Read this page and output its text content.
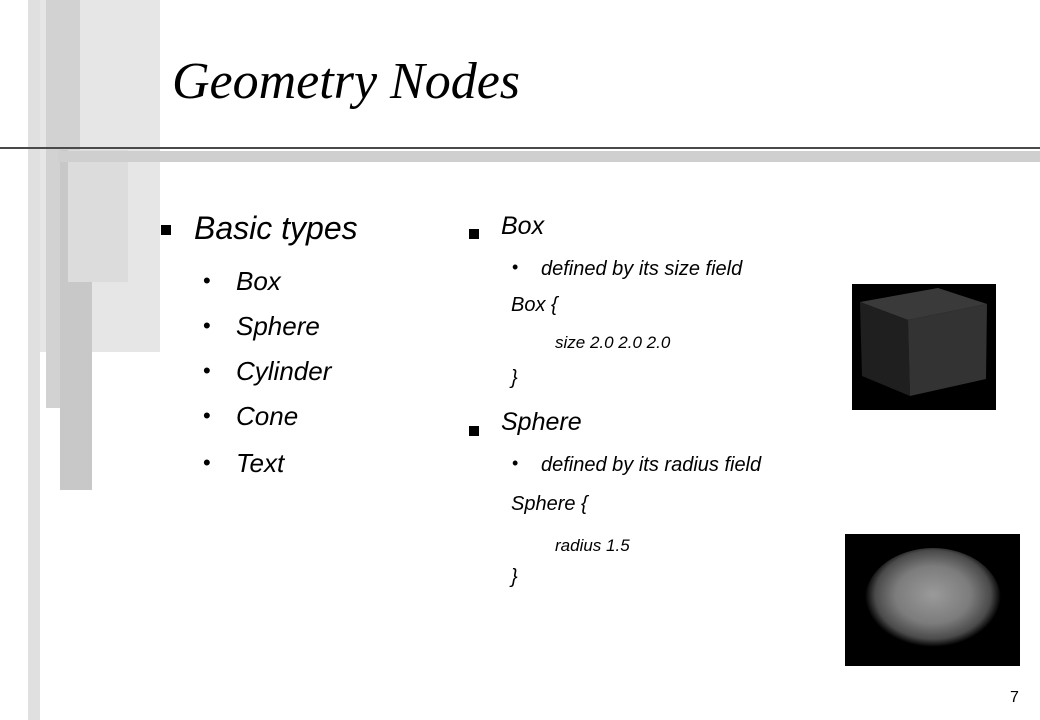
Geometry Nodes
Basic types
• Box
• Sphere
• Cylinder
• Cone
• Text
Box
• defined by its size field
Box {
size 2.0 2.0 2.0
}
Sphere
• defined by its radius field
Sphere {
radius 1.5
}
7
